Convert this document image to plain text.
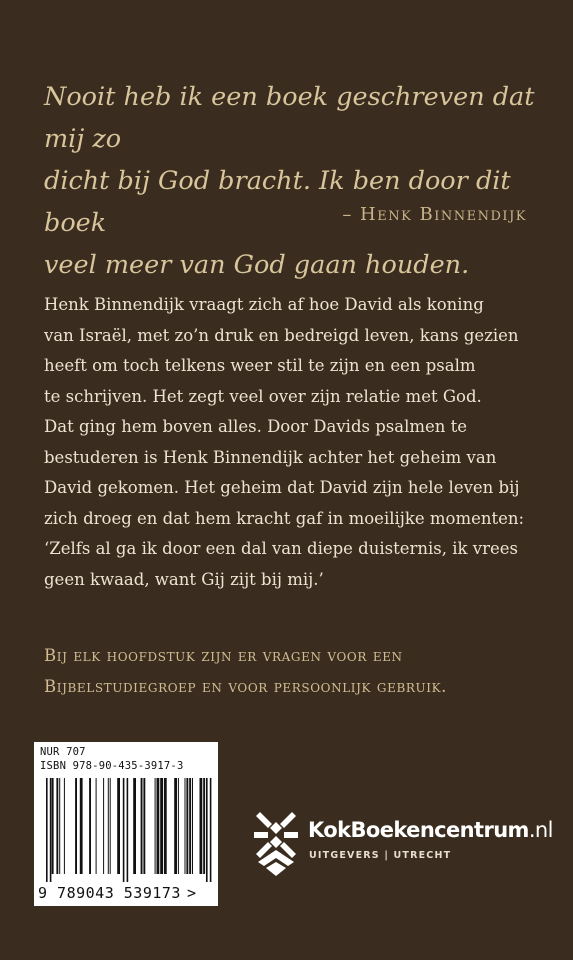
Nooit heb ik een boek geschreven dat mij zo
dicht bij God bracht. Ik ben door dit boek
veel meer van God gaan houden.

– Henk Binnendijk

Henk Binnendijk vraagt zich af hoe David als koning
van Israël, met zo’n druk en bedreigd leven, kans gezien
heeft om toch telkens weer stil te zijn en een psalm
te schrijven. Het zegt veel over zijn relatie met God.
Dat ging hem boven alles. Door Davids psalmen te
bestuderen is Henk Binnendijk achter het geheim van
David gekomen. Het geheim dat David zijn hele leven bij
zich droeg en dat hem kracht gaf in moeilijke momenten:
‘Zelfs al ga ik door een dal van diepe duisternis, ik vrees
geen kwaad, want Gij zijt bij mij.’

Bij elk hoofdstuk zijn er vragen voor een
Bijbelstudiegroep en voor persoonlijk gebruik.

NUR 707
ISBN 978-90-435-3917-3
9 789043 539173 >
KokBoekencentrum.nl
UITGEVERS | UTRECHT
